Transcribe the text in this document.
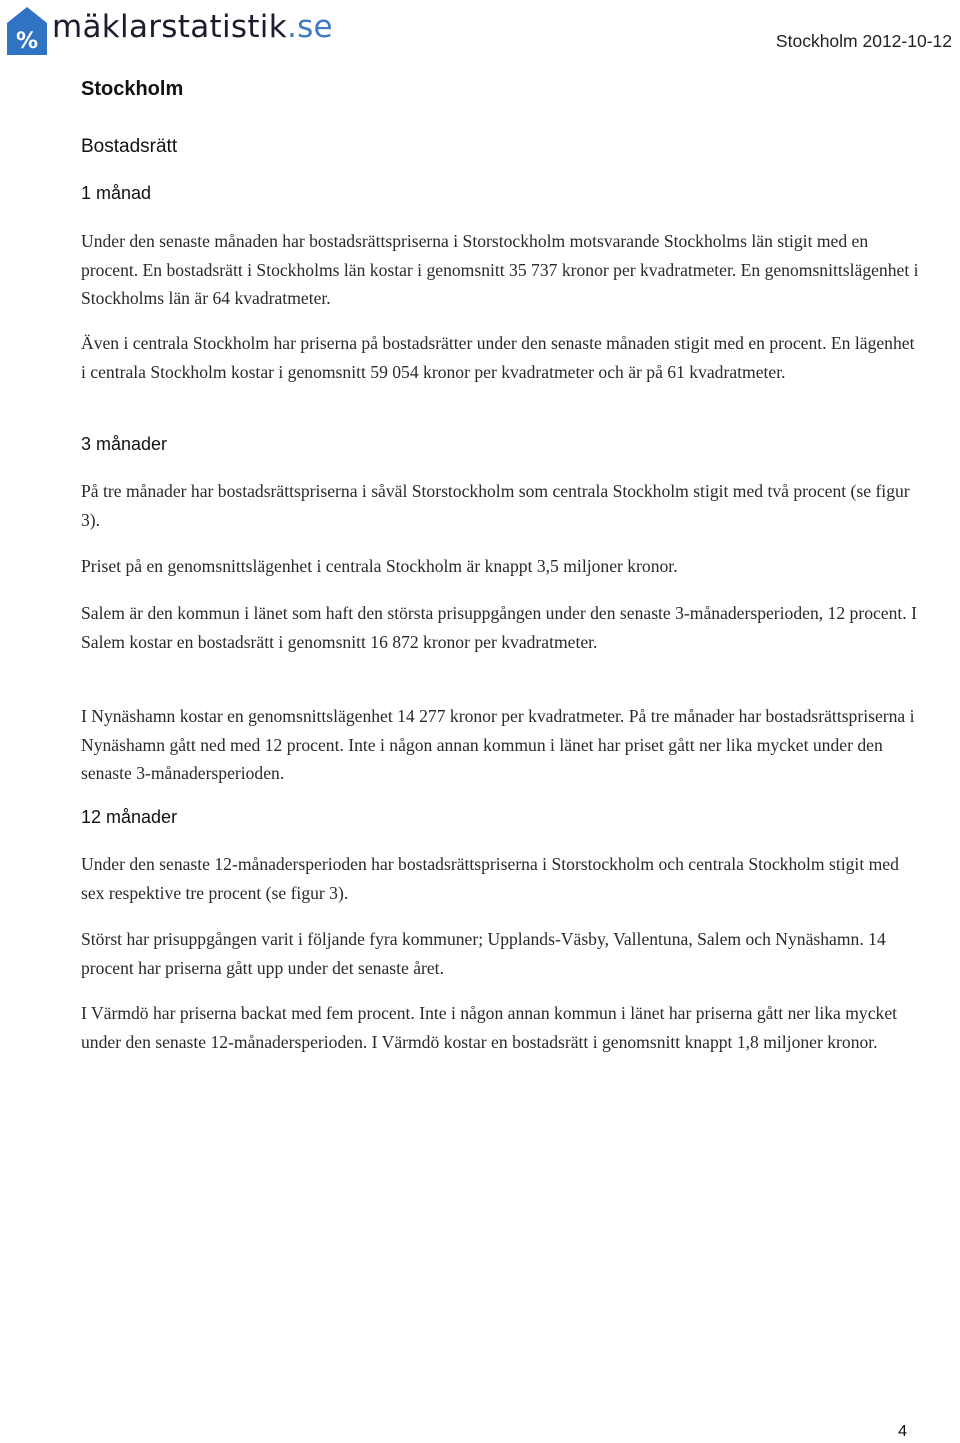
% mäklarstatistik.se	Stockholm 2012-10-12
Stockholm
Bostadsrätt
1 månad

Under den senaste månaden har bostadsrättspriserna i Storstockholm motsvarande Stockholms län stigit med en procent. En bostadsrätt i Stockholms län kostar i genomsnitt 35 737 kronor per kvadratmeter. En genomsnittslägenhet i Stockholms län är 64 kvadratmeter.

Även i centrala Stockholm har priserna på bostadsrätter under den senaste månaden stigit med en procent. En lägenhet i centrala Stockholm kostar i genomsnitt 59 054 kronor per kvadratmeter och är på 61 kvadratmeter.

3 månader

På tre månader har bostadsrättspriserna i såväl Storstockholm som centrala Stockholm stigit med två procent (se figur 3).

Priset på en genomsnittslägenhet i centrala Stockholm är knappt 3,5 miljoner kronor.

Salem är den kommun i länet som haft den största prisuppgången under den senaste 3-månadersperioden, 12 procent. I Salem kostar en bostadsrätt i genomsnitt 16 872 kronor per kvadratmeter.

I Nynäshamn kostar en genomsnittslägenhet 14 277 kronor per kvadratmeter. På tre månader har bostadsrättspriserna i Nynäshamn gått ned med 12 procent. Inte i någon annan kommun i länet har priset gått ner lika mycket under den senaste 3-månadersperioden.

12 månader

Under den senaste 12-månadersperioden har bostadsrättspriserna i Storstockholm och centrala Stockholm stigit med sex respektive tre procent (se figur 3).

Störst har prisuppgången varit i följande fyra kommuner; Upplands-Väsby, Vallentuna, Salem och Nynäshamn. 14 procent har priserna gått upp under det senaste året.

I Värmdö har priserna backat med fem procent. Inte i någon annan kommun i länet har priserna gått ner lika mycket under den senaste 12-månadersperioden. I Värmdö kostar en bostadsrätt i genomsnitt knappt 1,8 miljoner kronor.

4
